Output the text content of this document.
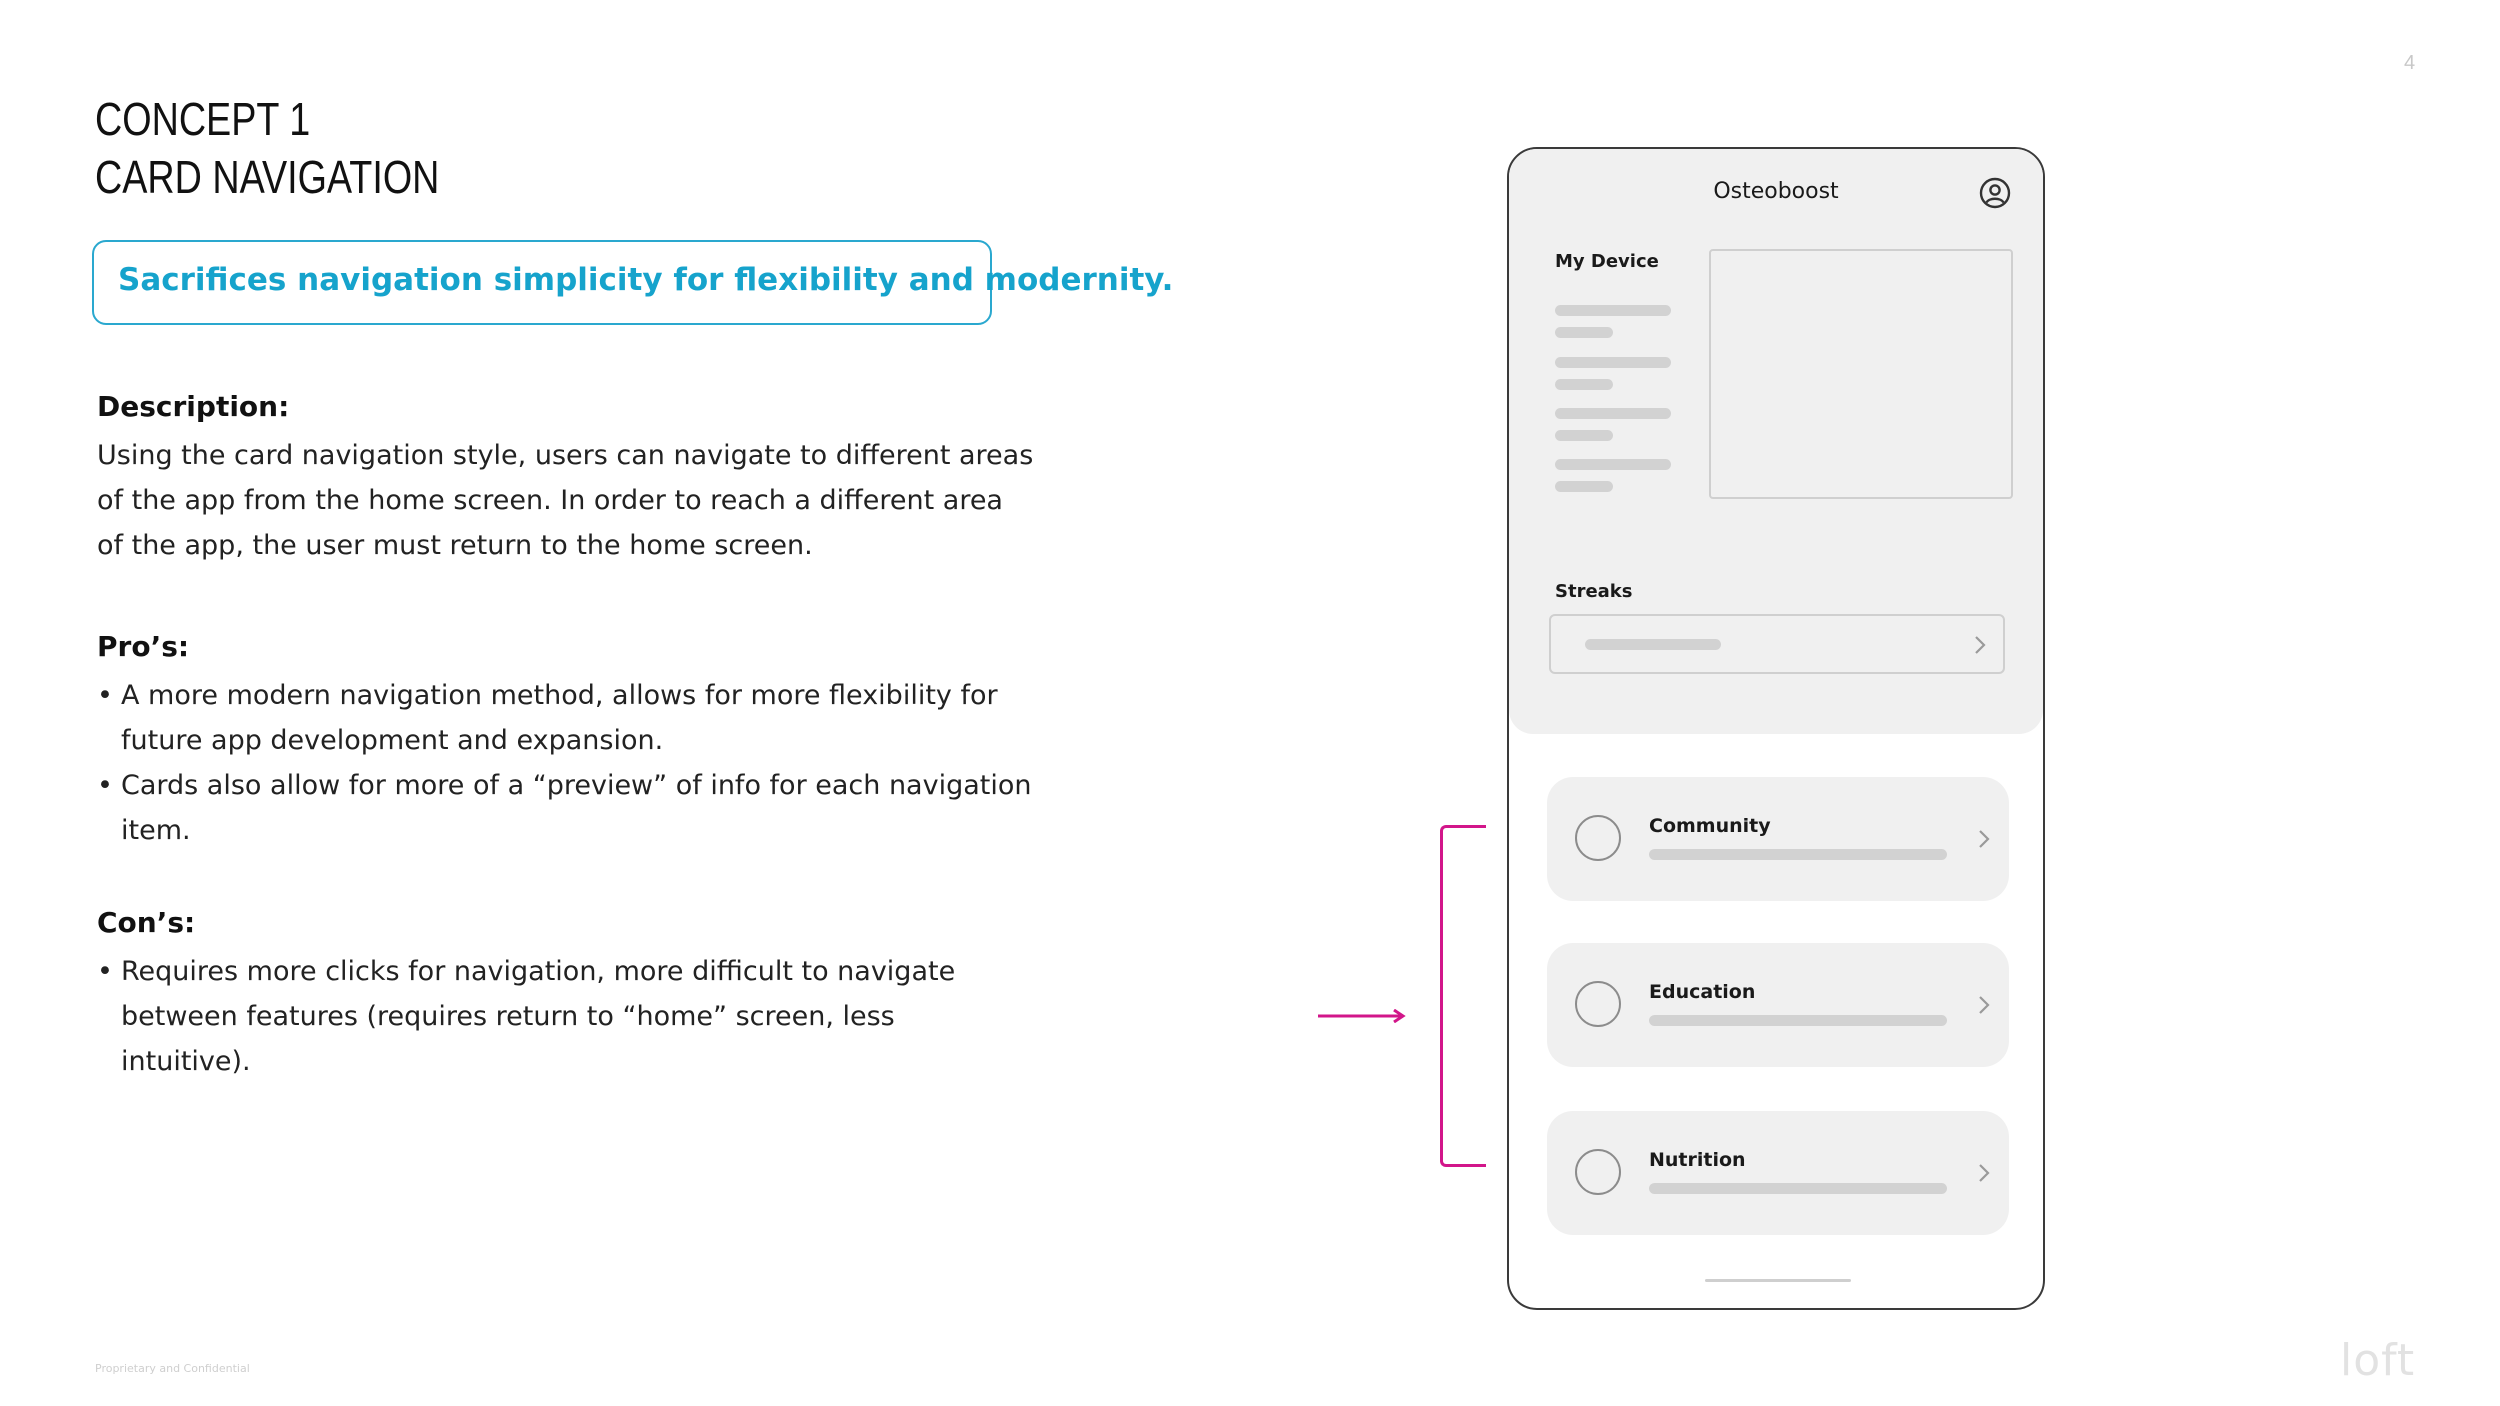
4
CONCEPT 1
CARD NAVIGATION
Sacrifices navigation simplicity for flexibility and modernity.
Description:
Using the card navigation style, users can navigate to different areas
of the app from the home screen. In order to reach a different area
of the app, the user must return to the home screen.
Pro’s:
• A more modern navigation method, allows for more flexibility for
future app development and expansion.
• Cards also allow for more of a “preview” of info for each navigation
item.
Con’s:
• Requires more clicks for navigation, more difficult to navigate
between features (requires return to “home” screen, less
intuitive).
Proprietary and Confidential	loft
Osteoboost
My Device
Streaks
Community
Education
Nutrition
